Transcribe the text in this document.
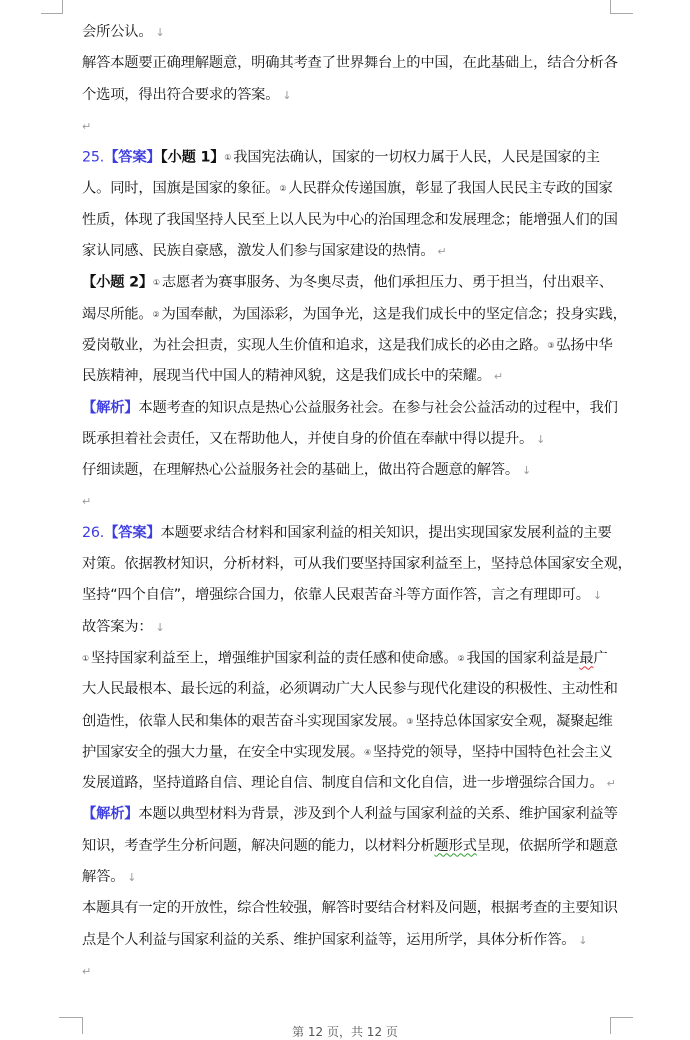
会所公认。 ↓
解答本题要正确理解题意，明确其考查了世界舞台上的中国，在此基础上，结合分析各
个选项，得出符合要求的答案。 ↓
↵
25.【答案】【小题 1】① 我国宪法确认，国家的一切权力属于人民，人民是国家的主
人。同时，国旗是国家的象征。② 人民群众传递国旗，彰显了我国人民民主专政的国家
性质，体现了我国坚持人民至上以人民为中心的治国理念和发展理念；能增强人们的国
家认同感、民族自豪感，激发人们参与国家建设的热情。 ↵
【小题 2】① 志愿者为赛事服务、为冬奥尽责，他们承担压力、勇于担当，付出艰辛、
竭尽所能。② 为国奉献，为国添彩，为国争光，这是我们成长中的坚定信念；投身实践，
爱岗敬业，为社会担责，实现人生价值和追求，这是我们成长的必由之路。③ 弘扬中华
民族精神，展现当代中国人的精神风貌，这是我们成长中的荣耀。 ↵
【解析】本题考查的知识点是热心公益服务社会。在参与社会公益活动的过程中，我们
既承担着社会责任，又在帮助他人，并使自身的价值在奉献中得以提升。 ↓
仔细读题，在理解热心公益服务社会的基础上，做出符合题意的解答。 ↓
↵
26.【答案】本题要求结合材料和国家利益的相关知识，提出实现国家发展利益的主要
对策。依据教材知识，分析材料，可从我们要坚持国家利益至上，坚持总体国家安全观，
坚持“四个自信”，增强综合国力，依靠人民艰苦奋斗等方面作答，言之有理即可。 ↓
故答案为： ↓
① 坚持国家利益至上，增强维护国家利益的责任感和使命感。② 我国的国家利益是最广
大人民最根本、最长远的利益，必须调动广大人民参与现代化建设的积极性、主动性和
创造性，依靠人民和集体的艰苦奋斗实现国家发展。③ 坚持总体国家安全观，凝聚起维
护国家安全的强大力量，在安全中实现发展。④ 坚持党的领导，坚持中国特色社会主义
发展道路，坚持道路自信、理论自信、制度自信和文化自信，进一步增强综合国力。 ↵
【解析】本题以典型材料为背景，涉及到个人利益与国家利益的关系、维护国家利益等
知识，考查学生分析问题，解决问题的能力，以材料分析题形式呈现，依据所学和题意
解答。 ↓
本题具有一定的开放性，综合性较强，解答时要结合材料及问题，根据考查的主要知识
点是个人利益与国家利益的关系、维护国家利益等，运用所学，具体分析作答。 ↓
↵
第 12 页，共 12 页
